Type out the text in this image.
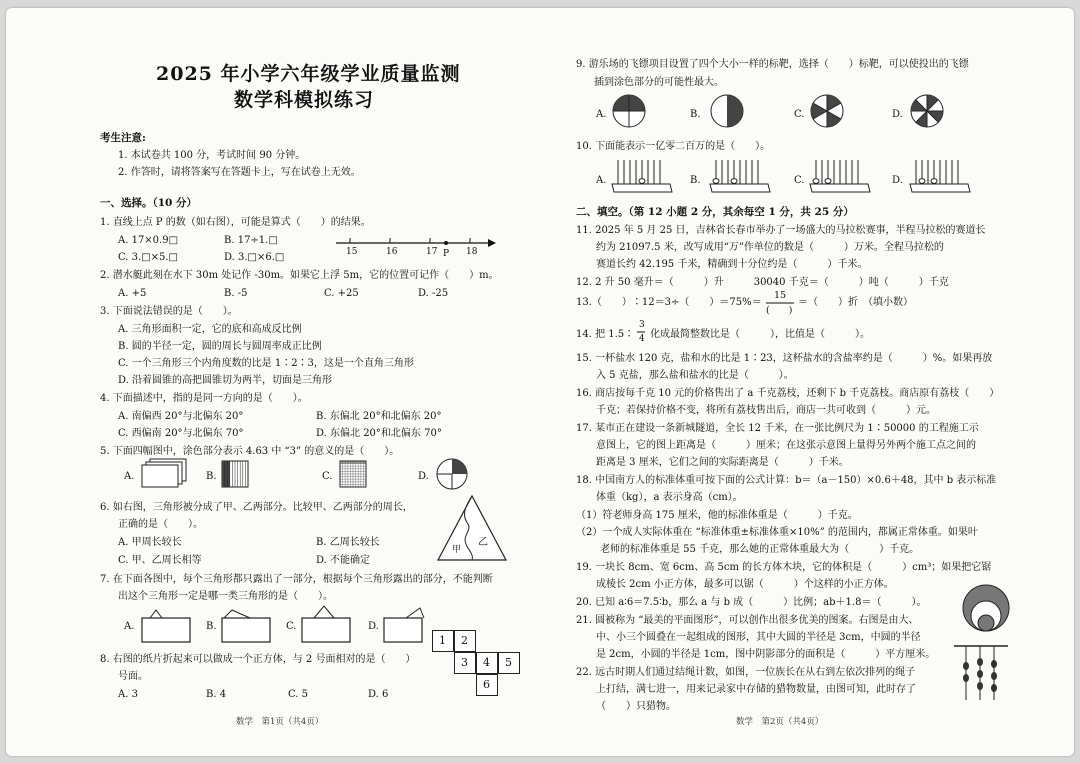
2025 年小学六年级学业质量监测
数学科模拟练习
考生注意:
1. 本试卷共 100 分，考试时间 90 分钟。
2. 作答时，请将答案写在答题卡上，写在试卷上无效。
一、选择。（10 分）
1. 直线上点 P 的数（如右图），可能是算式（　　）的结果。
A. 17×0.9□	B. 17÷1.□
C. 3.□×5.□	D. 3.□×6.□	15	16	17	18
P
2. 潜水艇此刻在水下 30m 处记作 -30m。如果它上浮 5m，它的位置可记作（　　）m。
A. +5	B. -5	C. +25	D. -25
3. 下面说法错误的是（　　）。
A. 三角形面积一定，它的底和高成反比例
B. 圆的半径一定，圆的周长与圆周率成正比例
C. 一个三角形三个内角度数的比是 1∶2∶3，这是一个直角三角形
D. 沿着圆锥的高把圆锥切为两半，切面是三角形
4. 下面描述中，指的是同一方向的是（　　）。
A. 南偏西 20°与北偏东 20°	B. 东偏北 20°和北偏东 20°
C. 西偏南 20°与北偏东 70°	D. 东偏北 20°和北偏东 70°
5. 下面四幅图中，涂色部分表示 4.63 中 “3” 的意义的是（　　）。
A.	B.	C.	D.
6. 如右图，三角形被分成了甲、乙两部分。比较甲、乙两部分的周长，
正确的是（　　）。
A. 甲周长较长	B. 乙周长较长
C. 甲、乙周长相等	D. 不能确定
甲
乙
7. 在下面各图中，每个三角形都只露出了一部分，根据每个三角形露出的部分，不能判断
出这个三角形一定是哪一类三角形的是（　　）。
A.	B.	C.	D.
8. 右图的纸片折起来可以做成一个正方体，与 2 号面相对的是（　　）
号面。
A. 3	B. 4	C. 5	D. 6
1 2
3 4 5
6
数学　第1页（共4页）
9. 游乐场的飞镖项目设置了四个大小一样的标靶，选择（　　）标靶，可以使投出的飞镖
插到涂色部分的可能性最大。
A.	B.	C.	D.
10. 下面能表示一亿零二百万的是（　　）。
A.	B.	C.	D.
二、填空。（第 12 小题 2 分，其余每空 1 分，共 25 分）
11. 2025 年 5 月 25 日，吉林省长春市举办了一场盛大的马拉松赛事，半程马拉松的赛道长
约为 21097.5 米，改写成用“万”作单位的数是（　　　）万米。全程马拉松的
赛道长约 42.195 千米，精确到十分位约是（　　　）千米。
12. 2 升 50 毫升＝（　　　）升　　　30040 千克＝（　　　）吨（　　　）千克
13.（　　）∶12＝3÷（　　）＝75%＝
15
(　　)
＝（　　）折　（填小数）
14. 把 1.5∶
3
4 化成最简整数比是（　　　），比值是（　　　）。
15. 一杯盐水 120 克，盐和水的比是 1∶23，这杯盐水的含盐率约是（　　　）%。如果再放
入 5 克盐，那么盐和盐水的比是（　　　）。
16. 商店按每千克 10 元的价格售出了 a 千克荔枝，还剩下 b 千克荔枝。商店原有荔枝（　　）
千克；若保持价格不变，将所有荔枝售出后，商店一共可收到（　　　）元。
17. 某市正在建设一条新城隧道，全长 12 千米，在一张比例尺为 1∶50000 的工程施工示
意图上，它的图上距离是（　　　）厘米；在这张示意图上量得另外两个施工点之间的
距离是 3 厘米，它们之间的实际距离是（　　　）千米。
18. 中国南方人的标准体重可按下面的公式计算：b＝（a－150）×0.6＋48，其中 b 表示标准
体重（kg），a 表示身高（cm）。
（1）符老师身高 175 厘米，他的标准体重是（　　　）千克。
（2）一个成人实际体重在 “标准体重±标准体重×10%” 的范围内，都属正常体重。如果叶
老师的标准体重是 55 千克，那么她的正常体重最大为（　　　）千克。
19. 一块长 8cm、宽 6cm、高 5cm 的长方体木块，它的体积是（　　　）cm³；如果把它锯
成棱长 2cm 小正方体，最多可以锯（　　　）个这样的小正方体。
20. 已知 a∶6＝7.5∶b，那么 a 与 b 成（　　　）比例；ab＋1.8＝（　　　）。
21. 圆被称为 “最美的平面图形”，可以创作出很多优美的图案。右图是由大、
中、小三个圆叠在一起组成的图形，其中大圆的半径是 3cm，中圆的半径
是 2cm，小圆的半径是 1cm，图中阴影部分的面积是（　　　）平方厘米。
22. 远古时期人们通过结绳计数，如图，一位族长在从右到左依次排列的绳子
上打结，满七进一，用来记录家中存储的猎物数量，由图可知，此时存了
（　　）只猎物。
数学　第2页（共4页）
